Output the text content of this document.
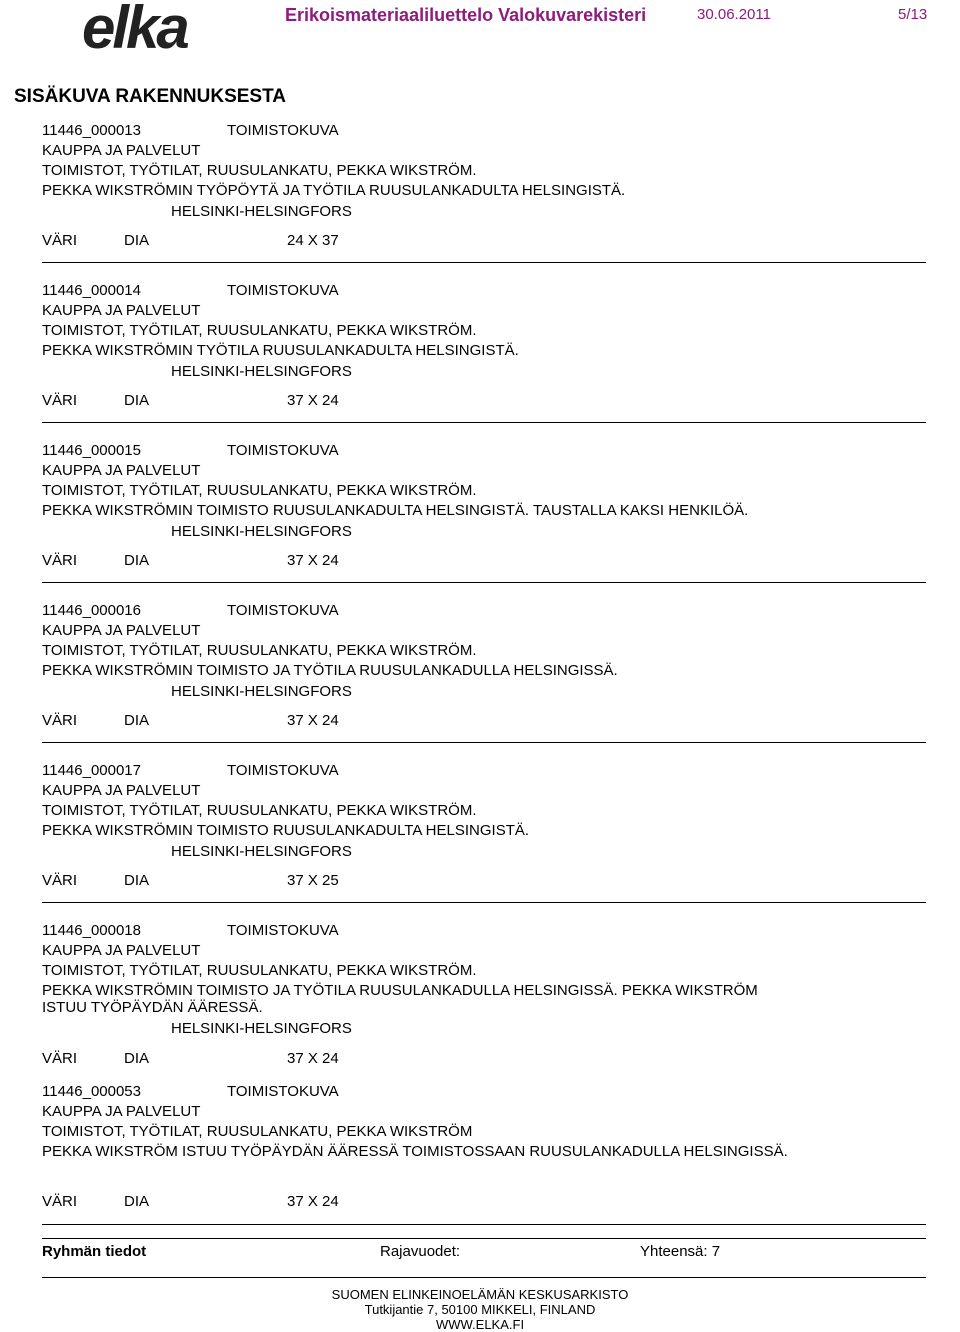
elka	Erikoismateriaaliluettelo Valokuvarekisteri	30.06.2011	5/13
SISÄKUVA RAKENNUKSESTA
11446_000013	TOIMISTOKUVA
KAUPPA JA PALVELUT
TOIMISTOT, TYÖTILAT, RUUSULANKATU, PEKKA WIKSTRÖM.
PEKKA WIKSTRÖMIN TYÖPÖYTÄ JA TYÖTILA RUUSULANKADULTA HELSINGISTÄ.
HELSINKI-HELSINGFORS
VÄRI	DIA	24 X 37
11446_000014	TOIMISTOKUVA
KAUPPA JA PALVELUT
TOIMISTOT, TYÖTILAT, RUUSULANKATU, PEKKA WIKSTRÖM.
PEKKA WIKSTRÖMIN TYÖTILA RUUSULANKADULTA HELSINGISTÄ.
HELSINKI-HELSINGFORS
VÄRI	DIA	37 X 24
11446_000015	TOIMISTOKUVA
KAUPPA JA PALVELUT
TOIMISTOT, TYÖTILAT, RUUSULANKATU, PEKKA WIKSTRÖM.
PEKKA WIKSTRÖMIN TOIMISTO RUUSULANKADULTA HELSINGISTÄ. TAUSTALLA KAKSI HENKILÖÄ.
HELSINKI-HELSINGFORS
VÄRI	DIA	37 X 24
11446_000016	TOIMISTOKUVA
KAUPPA JA PALVELUT
TOIMISTOT, TYÖTILAT, RUUSULANKATU, PEKKA WIKSTRÖM.
PEKKA WIKSTRÖMIN TOIMISTO JA TYÖTILA RUUSULANKADULLA HELSINGISSÄ.
HELSINKI-HELSINGFORS
VÄRI	DIA	37 X 24
11446_000017	TOIMISTOKUVA
KAUPPA JA PALVELUT
TOIMISTOT, TYÖTILAT, RUUSULANKATU, PEKKA WIKSTRÖM.
PEKKA WIKSTRÖMIN TOIMISTO RUUSULANKADULTA HELSINGISTÄ.
HELSINKI-HELSINGFORS
VÄRI	DIA	37 X 25
11446_000018	TOIMISTOKUVA
KAUPPA JA PALVELUT
TOIMISTOT, TYÖTILAT, RUUSULANKATU, PEKKA WIKSTRÖM.
PEKKA WIKSTRÖMIN TOIMISTO JA TYÖTILA RUUSULANKADULLA HELSINGISSÄ. PEKKA WIKSTRÖM
ISTUU TYÖPÄYDÄN ÄÄRESSÄ.
HELSINKI-HELSINGFORS
VÄRI	DIA	37 X 24
11446_000053	TOIMISTOKUVA
KAUPPA JA PALVELUT
TOIMISTOT, TYÖTILAT, RUUSULANKATU, PEKKA WIKSTRÖM
PEKKA WIKSTRÖM ISTUU TYÖPÄYDÄN ÄÄRESSÄ TOIMISTOSSAAN RUUSULANKADULLA HELSINGISSÄ.
VÄRI	DIA	37 X 24
Ryhmän tiedot	Rajavuodet:	Yhteensä: 7
SUOMEN ELINKEINOELÄMÄN KESKUSARKISTO
Tutkijantie 7, 50100 MIKKELI, FINLAND
WWW.ELKA.FI
